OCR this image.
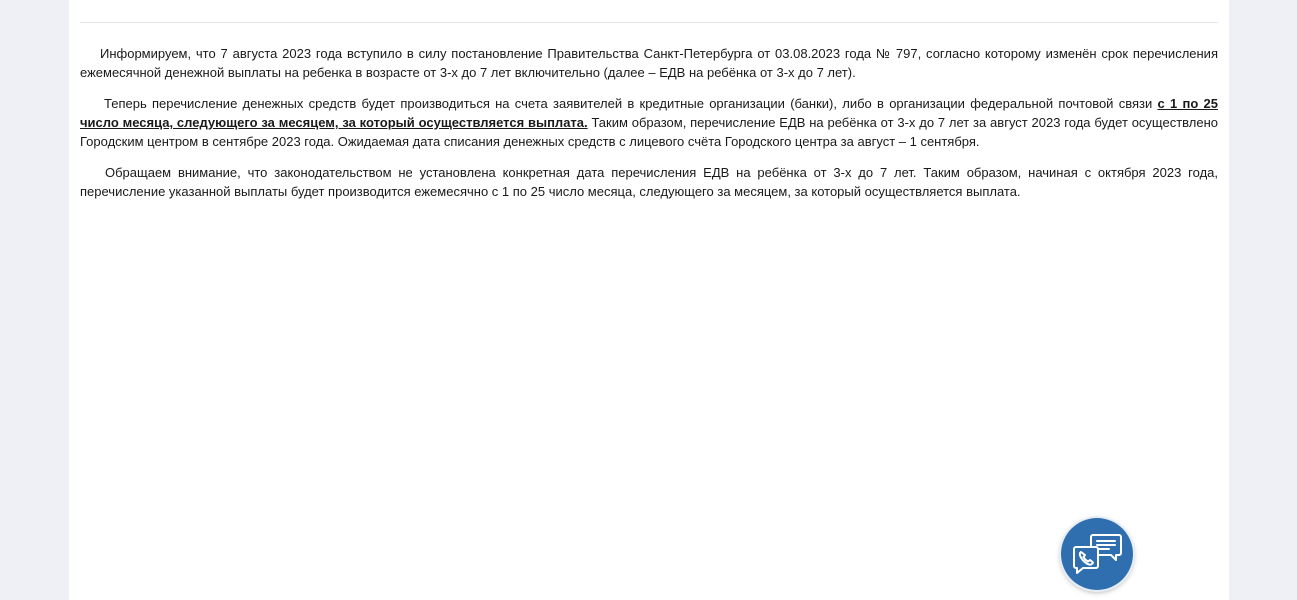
Информируем, что 7 августа 2023 года вступило в силу постановление Правительства Санкт-Петербурга от 03.08.2023 года № 797, согласно которому изменён срок перечисления ежемесячной денежной выплаты на ребенка в возрасте от 3-х до 7 лет включительно (далее – ЕДВ на ребёнка от 3-х до 7 лет).

Теперь перечисление денежных средств будет производиться на счета заявителей в кредитные организации (банки), либо в организации федеральной почтовой связи с 1 по 25 число месяца, следующего за месяцем, за который осуществляется выплата. Таким образом, перечисление ЕДВ на ребёнка от 3-х до 7 лет за август 2023 года будет осуществлено Городским центром в сентябре 2023 года. Ожидаемая дата списания денежных средств с лицевого счёта Городского центра за август – 1 сентября.

Обращаем внимание, что законодательством не установлена конкретная дата перечисления ЕДВ на ребёнка от 3-х до 7 лет. Таким образом, начиная с октября 2023 года, перечисление указанной выплаты будет производится ежемесячно с 1 по 25 число месяца, следующего за месяцем, за который осуществляется выплата.
